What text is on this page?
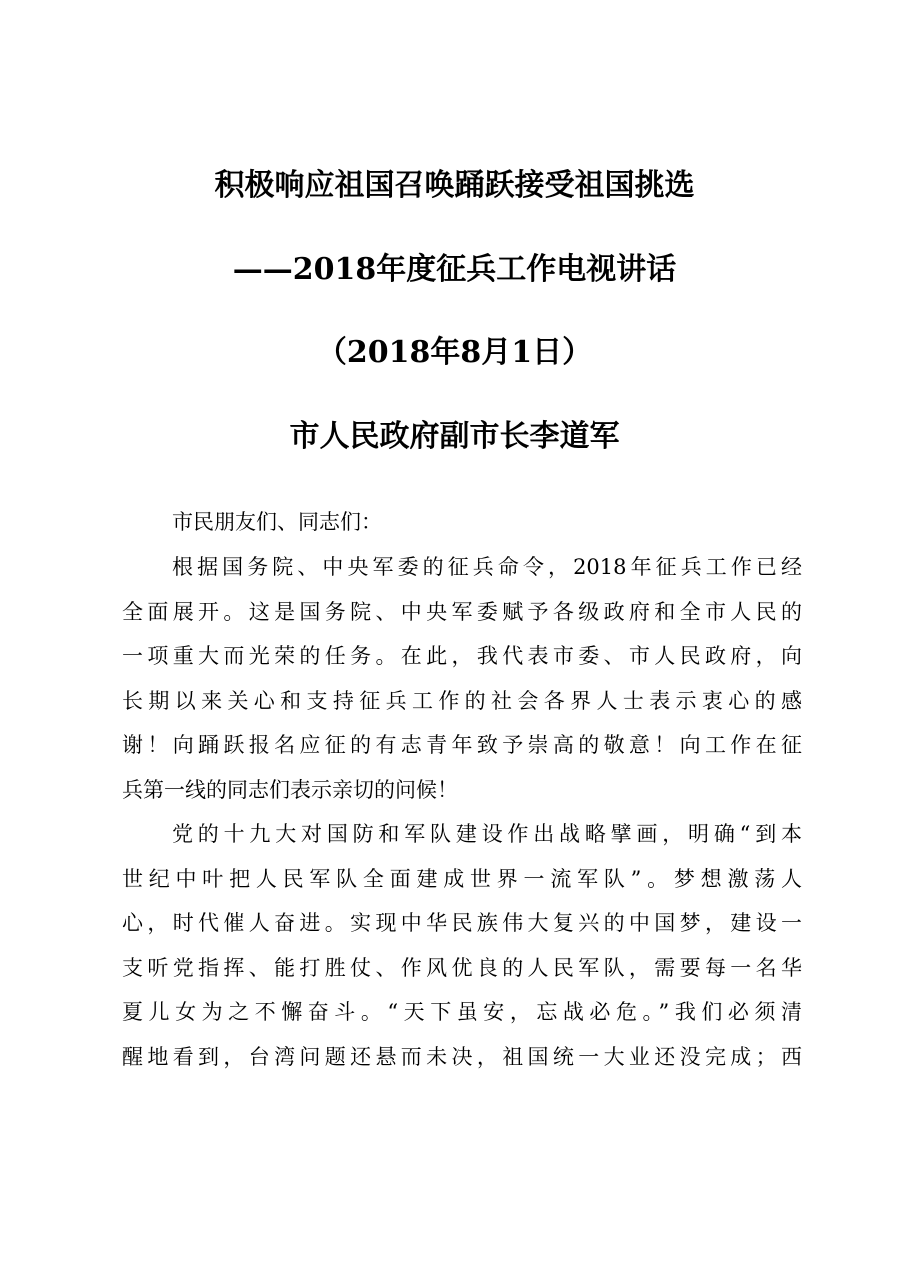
积极响应祖国召唤踊跃接受祖国挑选
——2018年度征兵工作电视讲话
（2018年8月1日）
市人民政府副市长李道军
市民朋友们、同志们：
根据国务院、中央军委的征兵命令，2018年征兵工作已经
全面展开。这是国务院、中央军委赋予各级政府和全市人民的
一项重大而光荣的任务。在此，我代表市委、市人民政府，向
长期以来关心和支持征兵工作的社会各界人士表示衷心的感
谢！向踊跃报名应征的有志青年致予崇高的敬意！向工作在征
兵第一线的同志们表示亲切的问候！
党的十九大对国防和军队建设作出战略擘画，明确“到本
世纪中叶把人民军队全面建成世界一流军队”。梦想激荡人
心，时代催人奋进。实现中华民族伟大复兴的中国梦，建设一
支听党指挥、能打胜仗、作风优良的人民军队，需要每一名华
夏儿女为之不懈奋斗。“天下虽安，忘战必危。”我们必须清
醒地看到，台湾问题还悬而未决，祖国统一大业还没完成；西
